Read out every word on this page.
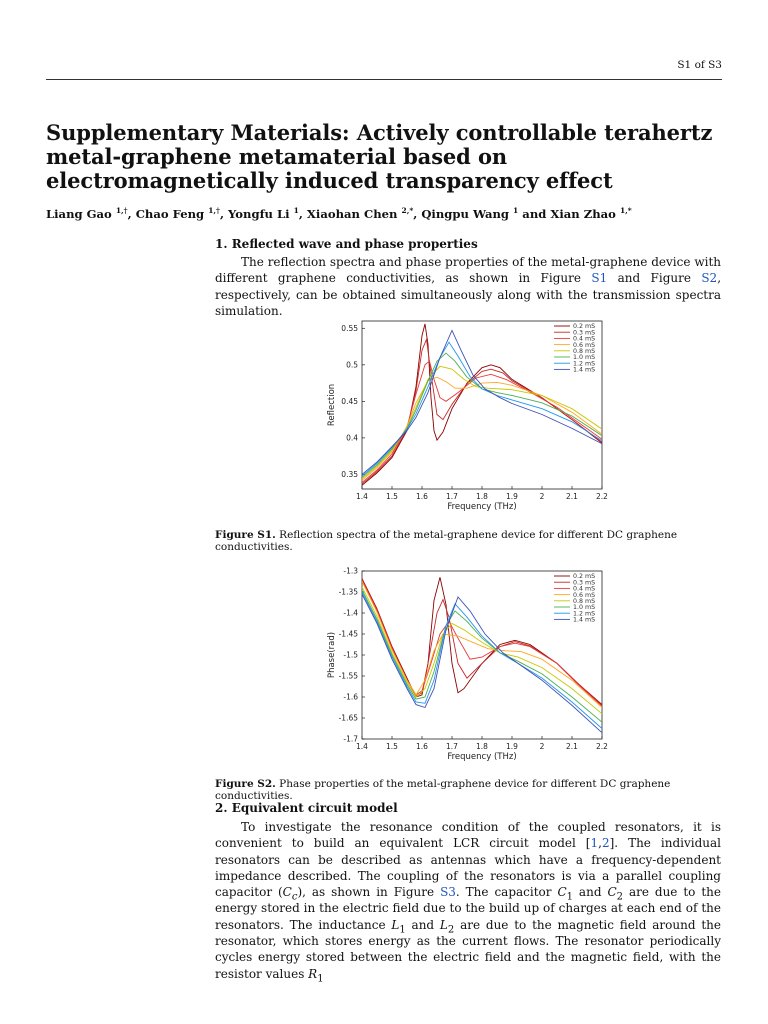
S1 of S3
Supplementary Materials: Actively controllable terahertz metal-graphene metamaterial based on electromagnetically induced transparency effect
Liang Gao $^{1,\dagger}$, Chao Feng $^{1,\dagger}$, Yongfu Li $^1$, Xiaohan Chen $^{2,*}$, Qingpu Wang $^1$ and Xian Zhao $^{1,*}$
1. Reflected wave and phase properties
The reflection spectra and phase properties of the metal-graphene device with different graphene conductivities, as shown in Figure S1 and Figure S2, respectively, can be obtained simultaneously along with the transmission spectra simulation.
1.4 1.5 1.6 1.7 1.8 1.9	2	2.1 2.2
0.35
0.4
0.45
0.5
0.55
Frequency (THz)
Reflection
0.2 mS
0.3 mS
0.4 mS
0.6 mS
0.8 mS
1.0 mS
1.2 mS
1.4 mS
Figure S1. Reflection spectra of the metal-graphene device for different DC graphene conductivities.
1.4 1.5 1.6 1.7 1.8 1.9	2	2.1 2.2
-1.3
-1.35
-1.4
-1.45
-1.5
-1.55
-1.6
-1.65
-1.7
Frequency (THz)
Phase(rad)
0.2 mS
0.3 mS
0.4 mS
0.6 mS
0.8 mS
1.0 mS
1.2 mS
1.4 mS
Figure S2. Phase properties of the metal-graphene device for different DC graphene conductivities.
2. Equivalent circuit model
To investigate the resonance condition of the coupled resonators, it is convenient to build an equivalent LCR circuit model [1,2]. The individual resonators can be described as antennas which have a frequency-dependent impedance described. The coupling of the resonators is via a parallel coupling capacitor $(C_c)$, as shown in Figure S3. The capacitor $C_1$ and $C_2$ are due to the energy stored in the electric field due to the build up of charges at each end of the resonators. The inductance $L_1$ and $L_2$ are due to the magnetic field around the resonator, which stores energy as the current flows. The resonator periodically cycles energy stored between the electric field and the magnetic field, with the resistor values $R_1$
